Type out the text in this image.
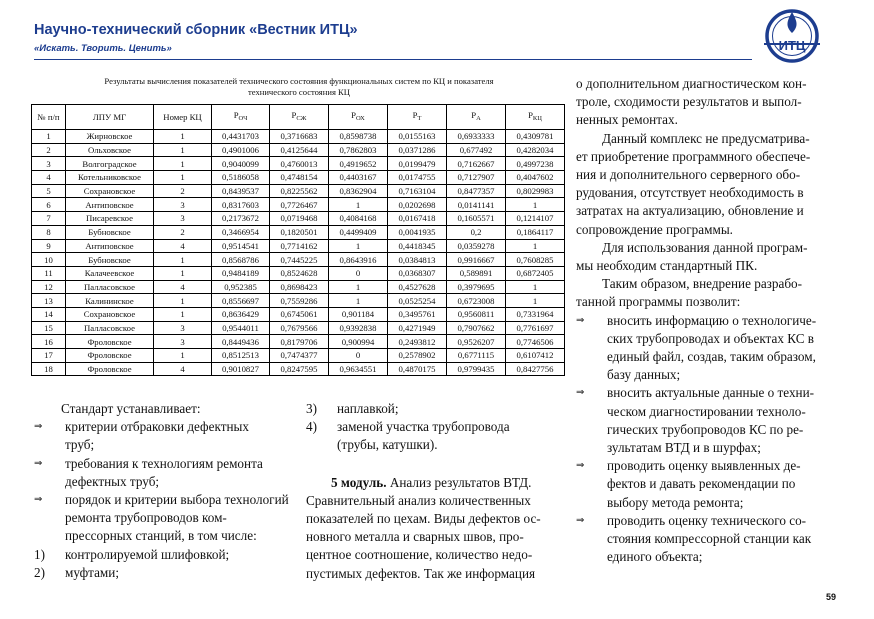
Научно-технический сборник «Вестник ИТЦ»
«Искать. Творить. Ценить»	ИТЦ
Результаты вычисления показателей технического состояния функциональных систем по КЦ и показателя
технического состояния КЦ
№ п/п	ЛПУ МГ	Номер КЦ	$P_{ОЧ}$	$P_{СЖ}$	$P_{ОХ}$	$P_Т$	$P_А$	$P_{КЦ}$
1	Жирновское	1	0,4431703	0,3716683	0,8598738	0,0155163	0,6933333	0,4309781
2	Ольховское	1	0,4901006	0,4125644	0,7862803	0,0371286	0,677492	0,4282034
3	Волгоградское	1	0,9040099	0,4760013	0,4919652	0,0199479	0,7162667	0,4997238
4	Котельниковское	1	0,5186058	0,4748154	0,4403167	0,0174755	0,7127907	0,4047602
5	Сохрановское	2	0,8439537	0,8225562	0,8362904	0,7163104	0,8477357	0,8029983
6	Антиповское	3	0,8317603	0,7726467	1	0,0202698	0,0141141	1
7	Писаревское	3	0,2173672	0,0719468	0,4084168	0,0167418	0,1605571	0,1214107
8	Бубновское	2	0,3466954	0,1820501	0,4499409	0,0041935	0,2	0,1864117
9	Антиповское	4	0,9514541	0,7714162	1	0,4418345	0,0359278	1
10	Бубновское	1	0,8568786	0,7445225	0,8643916	0,0384813	0,9916667	0,7608285
11	Калачеевское	1	0,9484189	0,8524628	0	0,0368307	0,589891	0,6872405
12	Палласовское	4	0,952385	0,8698423	1	0,4527628	0,3979695	1
13	Калининское	1	0,8556697	0,7559286	1	0,0525254	0,6723008	1
14	Сохрановское	1	0,8636429	0,6745061	0,901184	0,3495761	0,9560811	0,7331964
15	Палласовское	3	0,9544011	0,7679566	0,9392838	0,4271949	0,7907662	0,7761697
16	Фроловское	3	0,8449436	0,8179706	0,900994	0,2493812	0,9526207	0,7746506
17	Фроловское	1	0,8512513	0,7474377	0	0,2578902	0,6771115	0,6107412
18	Фроловское	4	0,9010827	0,8247595	0,9634551	0,4870175	0,9799435	0,8427756

Стандарт устанавливает:

⇒ критерии отбраковки дефектных
труб;
⇒ требования к технологиям ремонта
дефектных труб;
⇒	порядок и критерии выбора технологий ремонта трубопроводов ком-
прессорных станций, в том числе:
1) контролируемой шлифовкой;
2) муфтами;
3) наплавкой;
4) заменой участка трубопровода
(трубы, катушки).

5 модуль. Анализ результатов ВТД.

Сравнительный анализ количественных
показателей по цехам. Виды дефектов ос-
новного металла и сварных швов, про-
центное соотношение, количество недо-
пустимых дефектов. Так же информация
о дополнительном диагностическом кон-
троле, сходимости результатов и выпол-
ненных ремонтах.
Данный комплекс не предусматрива-
ет приобретение программного обеспече-
ния и дополнительного серверного обо-
рудования, отсутствует необходимость в
затратах на актуализацию, обновление и
сопровождение программы.
Для использования данной програм-
мы необходим стандартный ПК.
Таким образом, внедрение разрабо-
танной программы позволит:
⇒ вносить информацию о технологиче-
ских трубопроводах и объектах КС в
единый файл, создав, таким образом,
базу данных;
⇒ вносить актуальные данные о техни-
ческом диагностировании техноло-
гических трубопроводов КС по ре-
зультатам ВТД и в шурфах;
⇒ проводить оценку выявленных де-
фектов и давать рекомендации по
выбору метода ремонта;
⇒ проводить оценку технического со-
стояния компрессорной станции как
единого объекта;
59
